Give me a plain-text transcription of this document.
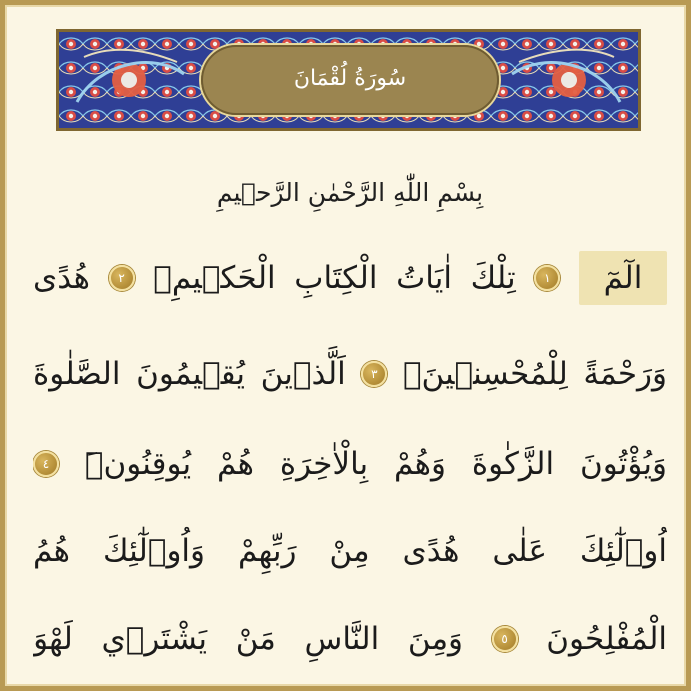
سُورَةُ لُقْمَانَ
بِسْمِ اللّٰهِ الرَّحْمٰنِ الرَّح۪يمِ
الٓمٓ
١
تِلْكَ
اٰيَاتُ
الْكِتَابِ
الْحَك۪يمِۙ
٢
هُدًى
وَرَحْمَةً
لِلْمُحْسِن۪ينَۙ
٣
اَلَّذ۪ينَ
يُق۪يمُونَ
الصَّلٰوةَ
وَيُؤْتُونَ
الزَّكٰوةَ
وَهُمْ
بِالْاٰخِرَةِ
هُمْ
يُوقِنُونَۜ
٤
اُو۬لٰٓئِكَ
عَلٰى
هُدًى
مِنْ
رَبِّهِمْ
وَاُو۬لٰٓئِكَ
هُمُ
الْمُفْلِحُونَ
٥
وَمِنَ
النَّاسِ
مَنْ
يَشْتَر۪ي
لَهْوَ
